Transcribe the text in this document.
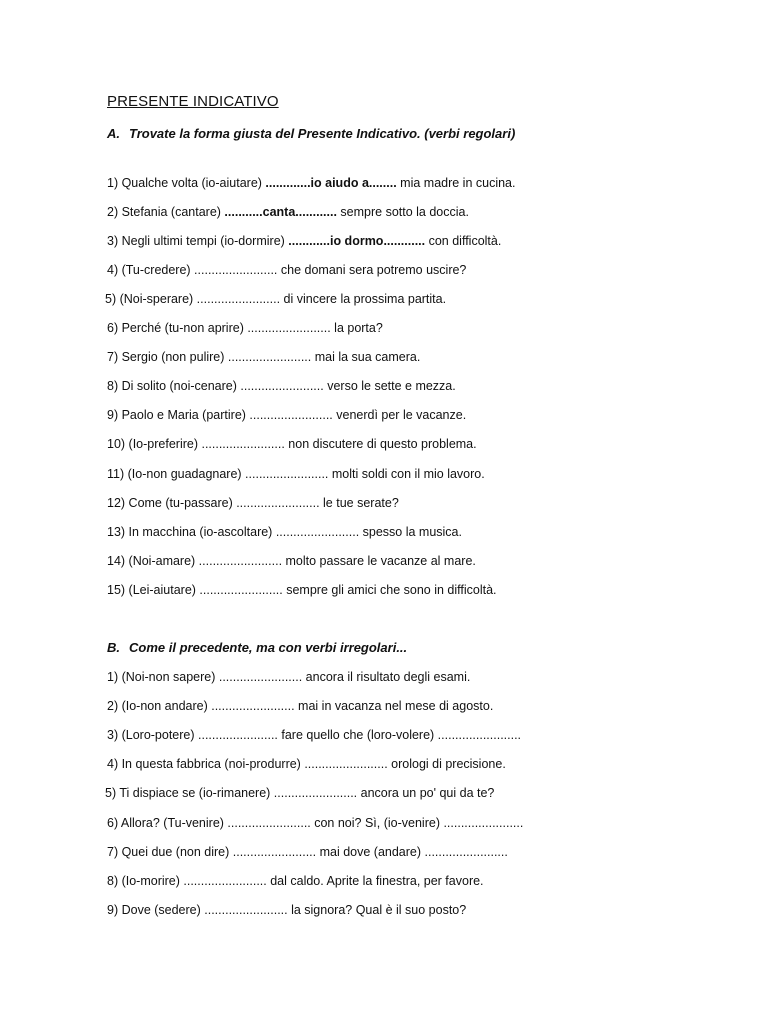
PRESENTE INDICATIVO
A. Trovate la forma giusta del Presente Indicativo. (verbi regolari)
1) Qualche volta (io-aiutare) .............io aiudo a........ mia madre in cucina.
2) Stefania (cantare) ...........canta............ sempre sotto la doccia.
3) Negli ultimi tempi (io-dormire) ............io dormo............ con difficoltà.
4) (Tu-credere) ........................ che domani sera potremo uscire?
5) (Noi-sperare) ........................ di vincere la prossima partita.
6) Perché (tu-non aprire) ........................ la porta?
7) Sergio (non pulire) ........................ mai la sua camera.
8) Di solito (noi-cenare) ........................ verso le sette e mezza.
9) Paolo e Maria (partire) ........................ venerdì per le vacanze.
10) (Io-preferire) ........................ non discutere di questo problema.
11) (Io-non guadagnare) ........................ molti soldi con il mio lavoro.
12) Come (tu-passare) ........................ le tue serate?
13) In macchina (io-ascoltare) ........................ spesso la musica.
14) (Noi-amare) ........................ molto passare le vacanze al mare.
15) (Lei-aiutare) ........................ sempre gli amici che sono in difficoltà.
B. Come il precedente, ma con verbi irregolari...
1) (Noi-non sapere) ........................ ancora il risultato degli esami.
2) (Io-non andare) ........................ mai in vacanza nel mese di agosto.
3) (Loro-potere) ....................... fare quello che (loro-volere) ........................
4) In questa fabbrica (noi-produrre) ........................ orologi di precisione.
5) Ti dispiace se (io-rimanere) ........................ ancora un po' qui da te?
6) Allora? (Tu-venire) ........................ con noi? Sì, (io-venire) .......................
7) Quei due (non dire) ........................ mai dove (andare) ........................
8) (Io-morire) ........................ dal caldo. Aprite la finestra, per favore.
9) Dove (sedere) ........................ la signora? Qual è il suo posto?
